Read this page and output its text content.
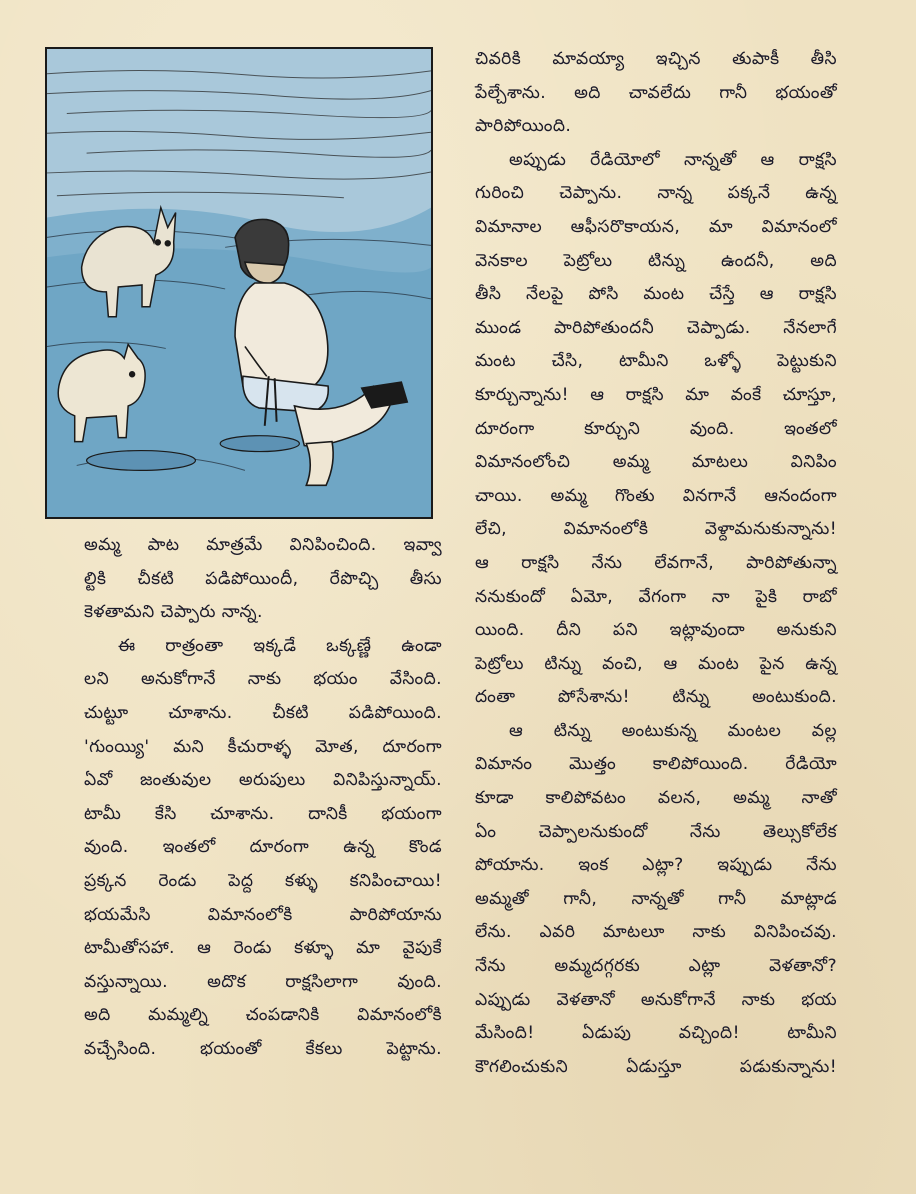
అమ్మ పాట మాత్రమే వినిపించింది. ఇవ్వా

ల్టికి చీకటి పడిపోయిందీ, రేపొచ్చి తీసు

కెళతామని చెప్పారు నాన్న.

ఈ రాత్రంతా ఇక్కడే ఒక్కణ్ణే ఉండా

లని అనుకోగానే నాకు భయం వేసింది.

చుట్టూ చూశాను. చీకటి పడిపోయింది.

'గుంయ్యి' మని కీచురాళ్ళ మోత, దూరంగా

ఏవో జంతువుల అరుపులు వినిపిస్తున్నాయ్.

టామీ కేసి చూశాను. దానికీ భయంగా

వుంది. ఇంతలో దూరంగా ఉన్న కొండ

ప్రక్కన రెండు పెద్ద కళ్ళు కనిపించాయి!

భయమేసి విమానంలోకి పారిపోయాను

టామీతోసహా. ఆ రెండు కళ్ళూ మా వైపుకే

వస్తున్నాయి. అదొక రాక్షసిలాగా వుంది.

అది మమ్మల్ని చంపడానికి విమానంలోకి

వచ్చేసింది. భయంతో కేకలు పెట్టాను.

చివరికి మావయ్యా ఇచ్చిన తుపాకీ తీసి

పేల్చేశాను. అది చావలేదు గానీ భయంతో

పారిపోయింది.

అప్పుడు రేడియోలో నాన్నతో ఆ రాక్షసి

గురించి చెప్పాను. నాన్న పక్కనే ఉన్న

విమానాల ఆఫీసరొకాయన, మా విమానంలో

వెనకాల పెట్రోలు టిన్ను ఉందనీ, అది

తీసి నేలపై పోసి మంట చేస్తే ఆ రాక్షసి

ముండ పారిపోతుందనీ చెప్పాడు. నేనలాగే

మంట చేసి, టామీని ఒళ్ళో పెట్టుకుని

కూర్చున్నాను! ఆ రాక్షసి మా వంకే చూస్తూ,

దూరంగా కూర్చుని వుంది. ఇంతలో

విమానంలోంచి అమ్మ మాటలు వినిపిం

చాయి. అమ్మ గొంతు వినగానే ఆనందంగా

లేచి, విమానంలోకి వెళ్దామనుకున్నాను!

ఆ రాక్షసి నేను లేవగానే, పారిపోతున్నా

ననుకుందో ఏమో, వేగంగా నా పైకి రాబో

యింది. దీని పని ఇట్లావుందా అనుకుని

పెట్రోలు టిన్ను వంచి, ఆ మంట పైన ఉన్న

దంతా పోసేశాను! టిన్ను అంటుకుంది.

ఆ టిన్ను అంటుకున్న మంటల వల్ల

విమానం మొత్తం కాలిపోయింది. రేడియో

కూడా కాలిపోవటం వలన, అమ్మ నాతో

ఏం చెప్పాలనుకుందో నేను తెల్సుకోలేక

పోయాను. ఇంక ఎట్లా? ఇప్పుడు నేను

అమ్మతో గానీ, నాన్నతో గానీ మాట్లాడ

లేను. ఎవరి మాటలూ నాకు వినిపించవు.

నేను అమ్మదగ్గరకు ఎట్లా వెళతానో?

ఎప్పుడు వెళతానో అనుకోగానే నాకు భయ

మేసింది! ఏడుపు వచ్చింది! టామీని

కౌగలించుకుని ఏడుస్తూ పడుకున్నాను!
